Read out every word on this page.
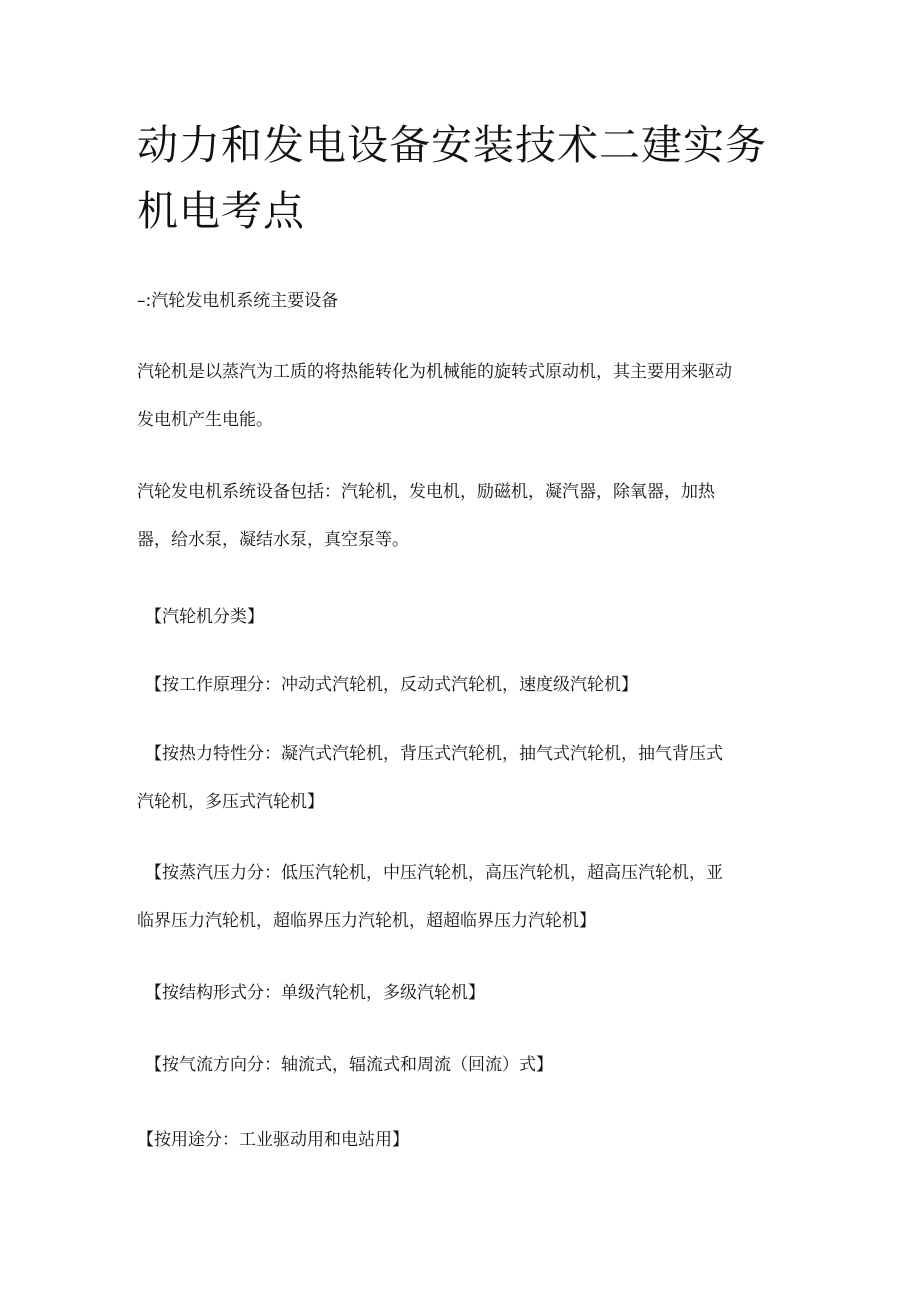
动力和发电设备安装技术二建实务
机电考点

–:汽轮发电机系统主要设备

汽轮机是以蒸汽为工质的将热能转化为机械能的旋转式原动机，其主要用来驱动
发电机产生电能。

汽轮发电机系统设备包括：汽轮机，发电机，励磁机，凝汽器，除氧器，加热
器，给水泵，凝结水泵，真空泵等。

【汽轮机分类】

【按工作原理分：冲动式汽轮机，反动式汽轮机，速度级汽轮机】

【按热力特性分：凝汽式汽轮机，背压式汽轮机，抽气式汽轮机，抽气背压式
汽轮机，多压式汽轮机】

【按蒸汽压力分：低压汽轮机，中压汽轮机，高压汽轮机，超高压汽轮机，亚
临界压力汽轮机，超临界压力汽轮机，超超临界压力汽轮机】

【按结构形式分：单级汽轮机，多级汽轮机】

【按气流方向分：轴流式，辐流式和周流（回流）式】

【按用途分：工业驱动用和电站用】
